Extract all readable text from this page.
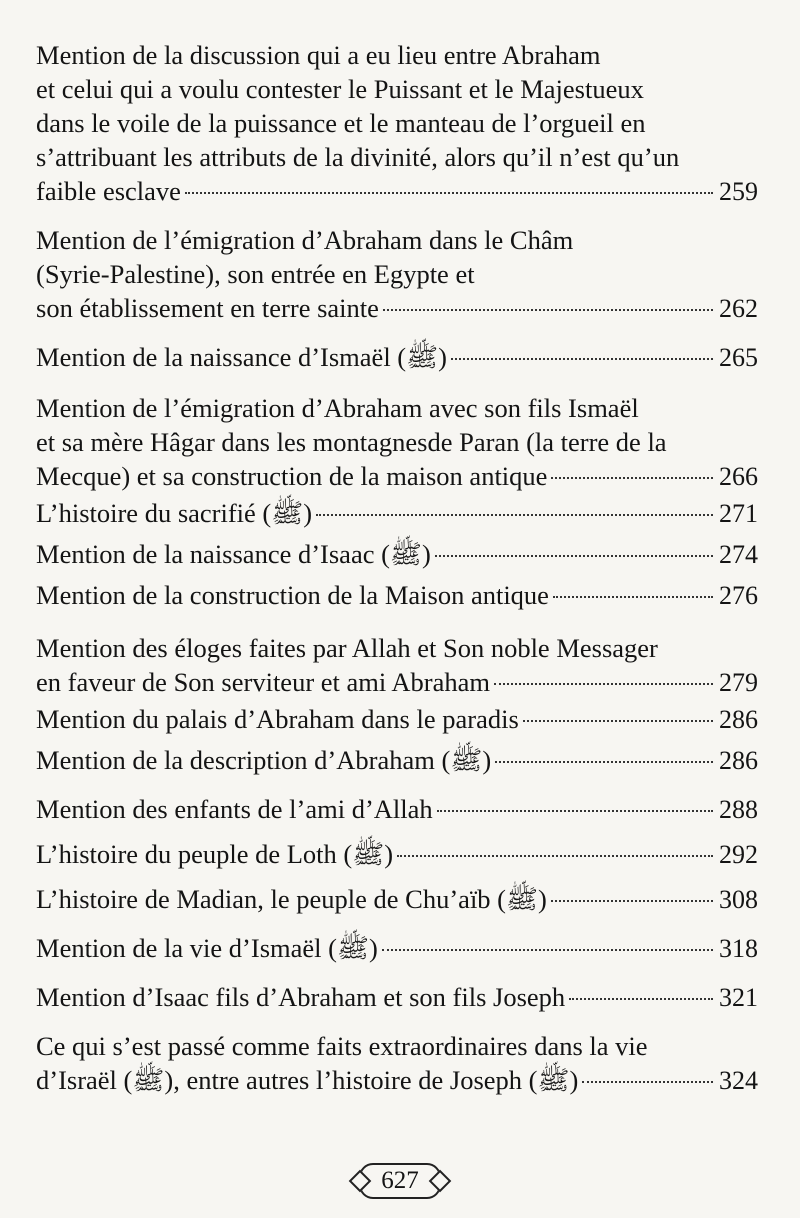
Mention de la discussion qui a eu lieu entre Abraham
et celui qui a voulu contester le Puissant et le Majestueux
dans le voile de la puissance et le manteau de l’orgueil en
s’attribuant les attributs de la divinité, alors qu’il n’est qu’un
faible esclave	259
Mention de l’émigration d’Abraham dans le Châm
(Syrie-Palestine), son entrée en Egypte et
son établissement en terre sainte	262
Mention de la naissance d’Ismaël (ﷺ)	265
Mention de l’émigration d’Abraham avec son fils Ismaël
et sa mère Hâgar dans les montagnesde Paran (la terre de la
Mecque) et sa construction de la maison antique	266
L’histoire du sacrifié (ﷺ)	271
Mention de la naissance d’Isaac (ﷺ)	274
Mention de la construction de la Maison antique	276
Mention des éloges faites par Allah et Son noble Messager
en faveur de Son serviteur et ami Abraham	279
Mention du palais d’Abraham dans le paradis	286
Mention de la description d’Abraham (ﷺ)	286
Mention des enfants de l’ami d’Allah	288
L’histoire du peuple de Loth (ﷺ)	292
L’histoire de Madian, le peuple de Chu’aïb (ﷺ)	308
Mention de la vie d’Ismaël (ﷺ)	318
Mention d’Isaac fils d’Abraham et son fils Joseph	321
Ce qui s’est passé comme faits extraordinaires dans la vie
d’Israël (ﷺ), entre autres l’histoire de Joseph (ﷺ)	324
627
